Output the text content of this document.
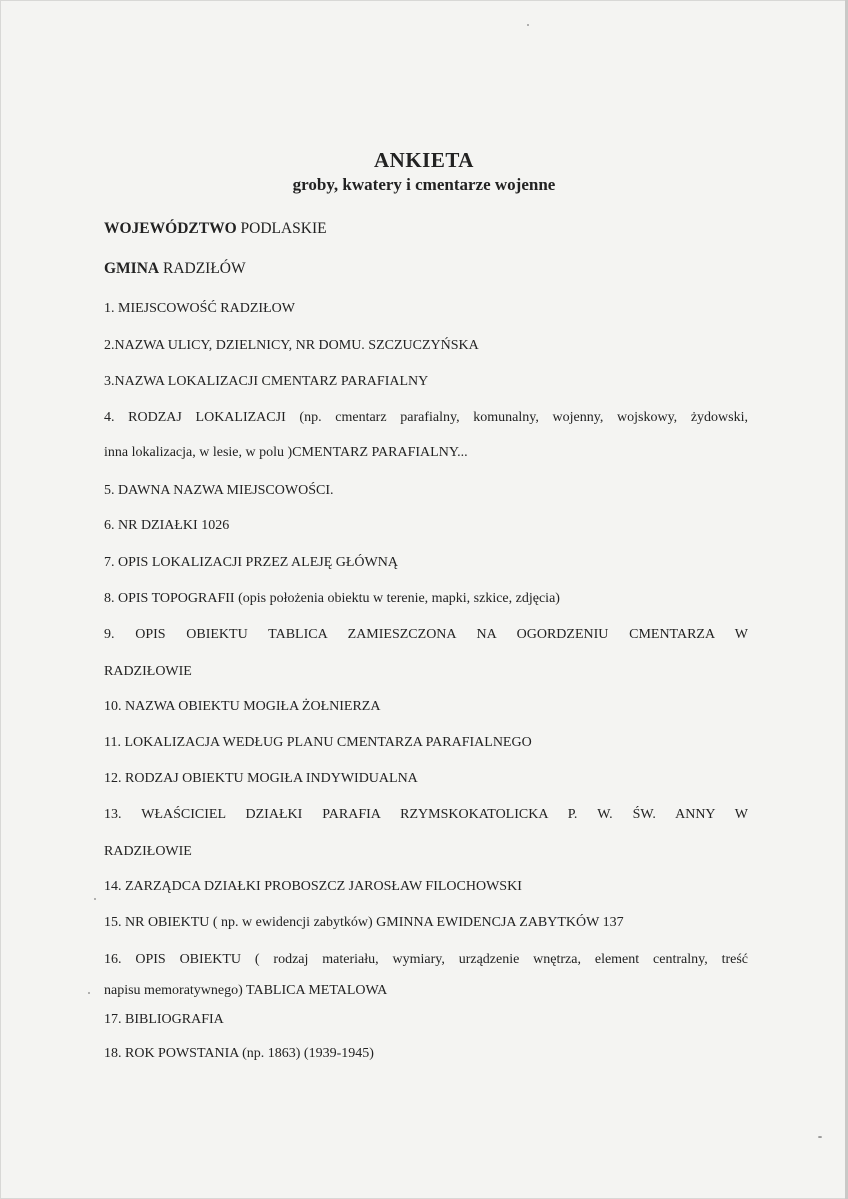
ANKIETA
groby, kwatery i cmentarze wojenne
WOJEWÓDZTWO PODLASKIE
GMINA RADZIŁÓW
1. MIEJSCOWOŚĆ RADZIŁOW
2.NAZWA ULICY, DZIELNICY, NR DOMU. SZCZUCZYŃSKA
3.NAZWA LOKALIZACJI CMENTARZ PARAFIALNY
4. RODZAJ LOKALIZACJI (np. cmentarz parafialny, komunalny, wojenny, wojskowy, żydowski,
inna lokalizacja, w lesie, w polu )CMENTARZ PARAFIALNY...
5. DAWNA NAZWA MIEJSCOWOŚCI.
6. NR DZIAŁKI 1026
7. OPIS LOKALIZACJI PRZEZ ALEJĘ GŁÓWNĄ
8. OPIS TOPOGRAFII (opis położenia obiektu w terenie, mapki, szkice, zdjęcia)
9. OPIS OBIEKTU TABLICA ZAMIESZCZONA NA OGORDZENIU CMENTARZA W
RADZIŁOWIE
10. NAZWA OBIEKTU MOGIŁA ŻOŁNIERZA
11. LOKALIZACJA WEDŁUG PLANU CMENTARZA PARAFIALNEGO
12. RODZAJ OBIEKTU MOGIŁA INDYWIDUALNA
13. WŁAŚCICIEL DZIAŁKI PARAFIA RZYMSKOKATOLICKA P. W. ŚW. ANNY W
RADZIŁOWIE
14. ZARZĄDCA DZIAŁKI PROBOSZCZ JAROSŁAW FILOCHOWSKI
15. NR OBIEKTU ( np. w ewidencji zabytków) GMINNA EWIDENCJA ZABYTKÓW 137
16. OPIS OBIEKTU ( rodzaj materiału, wymiary, urządzenie wnętrza, element centralny, treść
napisu memoratywnego) TABLICA METALOWA
17. BIBLIOGRAFIA
18. ROK POWSTANIA (np. 1863) (1939-1945)
